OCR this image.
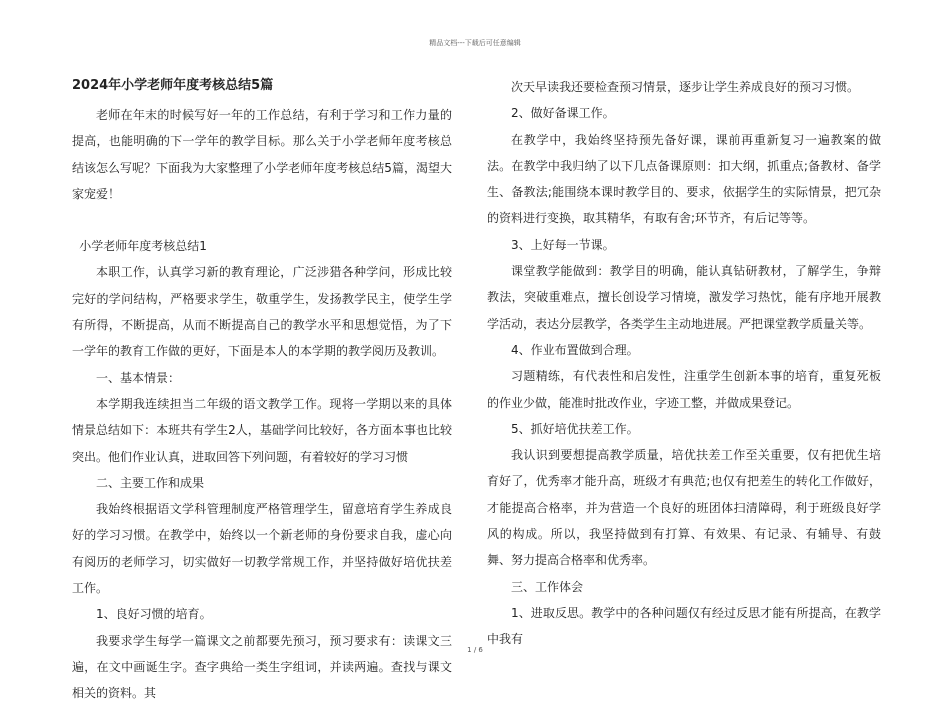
精品文档---下载后可任意编辑
2024年小学老师年度考核总结5篇

老师在年末的时候写好一年的工作总结，有利于学习和工作力量的提高，也能明确的下一学年的教学目标。那么关于小学老师年度考核总结该怎么写呢？下面我为大家整理了小学老师年度考核总结5篇，渴望大家宠爱！

小学老师年度考核总结1

本职工作，认真学习新的教育理论，广泛涉猎各种学问，形成比较完好的学问结构，严格要求学生，敬重学生，发扬教学民主，使学生学有所得，不断提高，从而不断提高自己的教学水平和思想觉悟，为了下一学年的教育工作做的更好，下面是本人的本学期的教学阅历及教训。

一、基本情景：

本学期我连续担当二年级的语文教学工作。现将一学期以来的具体情景总结如下：本班共有学生2人，基础学问比较好，各方面本事也比较突出。他们作业认真，进取回答下列问题，有着较好的学习习惯

二、主要工作和成果

我始终根据语文学科管理制度严格管理学生，留意培育学生养成良好的学习习惯。在教学中，始终以一个新老师的身份要求自我，虚心向有阅历的老师学习，切实做好一切教学常规工作，并坚持做好培优扶差工作。

1、良好习惯的培育。

我要求学生每学一篇课文之前都要先预习，预习要求有：读课文三遍，在文中画诞生字。查字典给一类生字组词，并读两遍。查找与课文相关的资料。其

次天早读我还要检查预习情景，逐步让学生养成良好的预习习惯。

2、做好备课工作。

在教学中，我始终坚持预先备好课，课前再重新复习一遍教案的做法。在教学中我归纳了以下几点备课原则：扣大纲，抓重点;备教材、备学生、备教法;能围绕本课时教学目的、要求，依据学生的实际情景，把冗杂的资料进行变换，取其精华，有取有舍;环节齐，有后记等等。

3、上好每一节课。

课堂教学能做到：教学目的明确，能认真钻研教材，了解学生，争辩教法，突破重难点，擅长创设学习情境，激发学习热忱，能有序地开展教学活动，表达分层教学，各类学生主动地进展。严把课堂教学质量关等。

4、作业布置做到合理。

习题精练，有代表性和启发性，注重学生创新本事的培育，重复死板的作业少做，能准时批改作业，字迹工整，并做成果登记。

5、抓好培优扶差工作。

我认识到要想提高教学质量，培优扶差工作至关重要，仅有把优生培育好了，优秀率才能升高，班级才有典范;也仅有把差生的转化工作做好，才能提高合格率，并为营造一个良好的班团体扫清障碍，利于班级良好学风的构成。所以，我坚持做到有打算、有效果、有记录、有辅导、有鼓舞、努力提高合格率和优秀率。

三、工作体会

1、进取反思。教学中的各种问题仅有经过反思才能有所提高，在教学中我有

1 / 6
